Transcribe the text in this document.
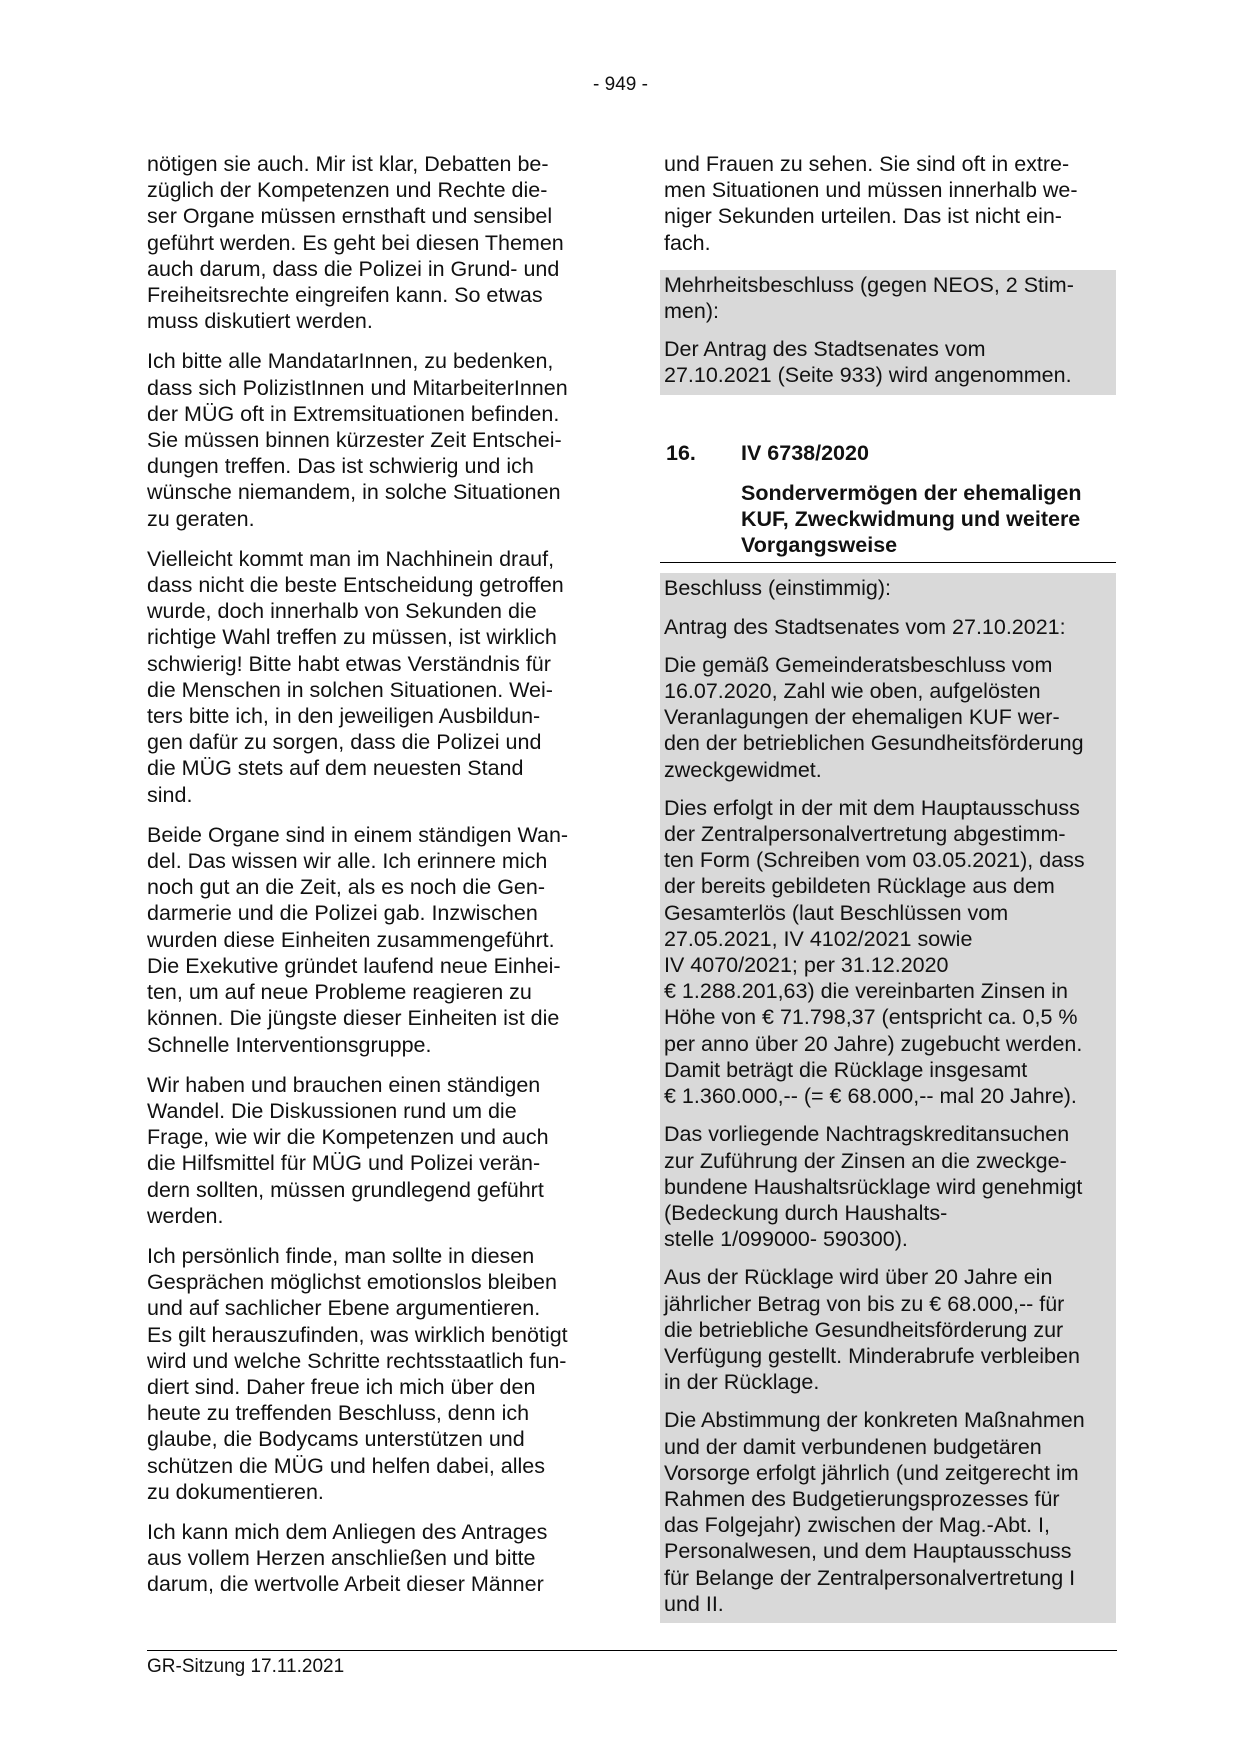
- 949 -

nötigen sie auch. Mir ist klar, Debatten be-
züglich der Kompetenzen und Rechte die-
ser Organe müssen ernsthaft und sensibel
geführt werden. Es geht bei diesen Themen
auch darum, dass die Polizei in Grund- und
Freiheitsrechte eingreifen kann. So etwas
muss diskutiert werden.

Ich bitte alle MandatarInnen, zu bedenken,
dass sich PolizistInnen und MitarbeiterInnen
der MÜG oft in Extremsituationen befinden.
Sie müssen binnen kürzester Zeit Entschei-
dungen treffen. Das ist schwierig und ich
wünsche niemandem, in solche Situationen
zu geraten.

Vielleicht kommt man im Nachhinein drauf,
dass nicht die beste Entscheidung getroffen
wurde, doch innerhalb von Sekunden die
richtige Wahl treffen zu müssen, ist wirklich
schwierig! Bitte habt etwas Verständnis für
die Menschen in solchen Situationen. Wei-
ters bitte ich, in den jeweiligen Ausbildun-
gen dafür zu sorgen, dass die Polizei und
die MÜG stets auf dem neuesten Stand
sind.

Beide Organe sind in einem ständigen Wan-
del. Das wissen wir alle. Ich erinnere mich
noch gut an die Zeit, als es noch die Gen-
darmerie und die Polizei gab. Inzwischen
wurden diese Einheiten zusammengeführt.
Die Exekutive gründet laufend neue Einhei-
ten, um auf neue Probleme reagieren zu
können. Die jüngste dieser Einheiten ist die
Schnelle Interventionsgruppe.

Wir haben und brauchen einen ständigen
Wandel. Die Diskussionen rund um die
Frage, wie wir die Kompetenzen und auch
die Hilfsmittel für MÜG und Polizei verän-
dern sollten, müssen grundlegend geführt
werden.

Ich persönlich finde, man sollte in diesen
Gesprächen möglichst emotionslos bleiben
und auf sachlicher Ebene argumentieren.
Es gilt herauszufinden, was wirklich benötigt
wird und welche Schritte rechtsstaatlich fun-
diert sind. Daher freue ich mich über den
heute zu treffenden Beschluss, denn ich
glaube, die Bodycams unterstützen und
schützen die MÜG und helfen dabei, alles
zu dokumentieren.

Ich kann mich dem Anliegen des Antrages
aus vollem Herzen anschließen und bitte
darum, die wertvolle Arbeit dieser Männer

und Frauen zu sehen. Sie sind oft in extre-
men Situationen und müssen innerhalb we-
niger Sekunden urteilen. Das ist nicht ein-
fach.

Mehrheitsbeschluss (gegen NEOS, 2 Stim-
men):

Der Antrag des Stadtsenates vom
27.10.2021 (Seite 933) wird angenommen.

16. IV 6738/2020
Sondervermögen der ehemaligen
KUF, Zweckwidmung und weitere
Vorgangsweise

Beschluss (einstimmig):

Antrag des Stadtsenates vom 27.10.2021:

Die gemäß Gemeinderatsbeschluss vom
16.07.2020, Zahl wie oben, aufgelösten
Veranlagungen der ehemaligen KUF wer-
den der betrieblichen Gesundheitsförderung
zweckgewidmet.

Dies erfolgt in der mit dem Hauptausschuss
der Zentralpersonalvertretung abgestimm-
ten Form (Schreiben vom 03.05.2021), dass
der bereits gebildeten Rücklage aus dem
Gesamterlös (laut Beschlüssen vom
27.05.2021, IV 4102/2021 sowie
IV 4070/2021; per 31.12.2020
€ 1.288.201,63) die vereinbarten Zinsen in
Höhe von € 71.798,37 (entspricht ca. 0,5 %
per anno über 20 Jahre) zugebucht werden.
Damit beträgt die Rücklage insgesamt
€ 1.360.000,-- (= € 68.000,-- mal 20 Jahre).

Das vorliegende Nachtragskreditansuchen
zur Zuführung der Zinsen an die zweckge-
bundene Haushaltsrücklage wird genehmigt
(Bedeckung durch Haushalts-
stelle 1/099000- 590300).

Aus der Rücklage wird über 20 Jahre ein
jährlicher Betrag von bis zu € 68.000,-- für
die betriebliche Gesundheitsförderung zur
Verfügung gestellt. Minderabrufe verbleiben
in der Rücklage.

Die Abstimmung der konkreten Maßnahmen
und der damit verbundenen budgetären
Vorsorge erfolgt jährlich (und zeitgerecht im
Rahmen des Budgetierungsprozesses für
das Folgejahr) zwischen der Mag.-Abt. I,
Personalwesen, und dem Hauptausschuss
für Belange der Zentralpersonalvertretung I
und II.

GR-Sitzung 17.11.2021
